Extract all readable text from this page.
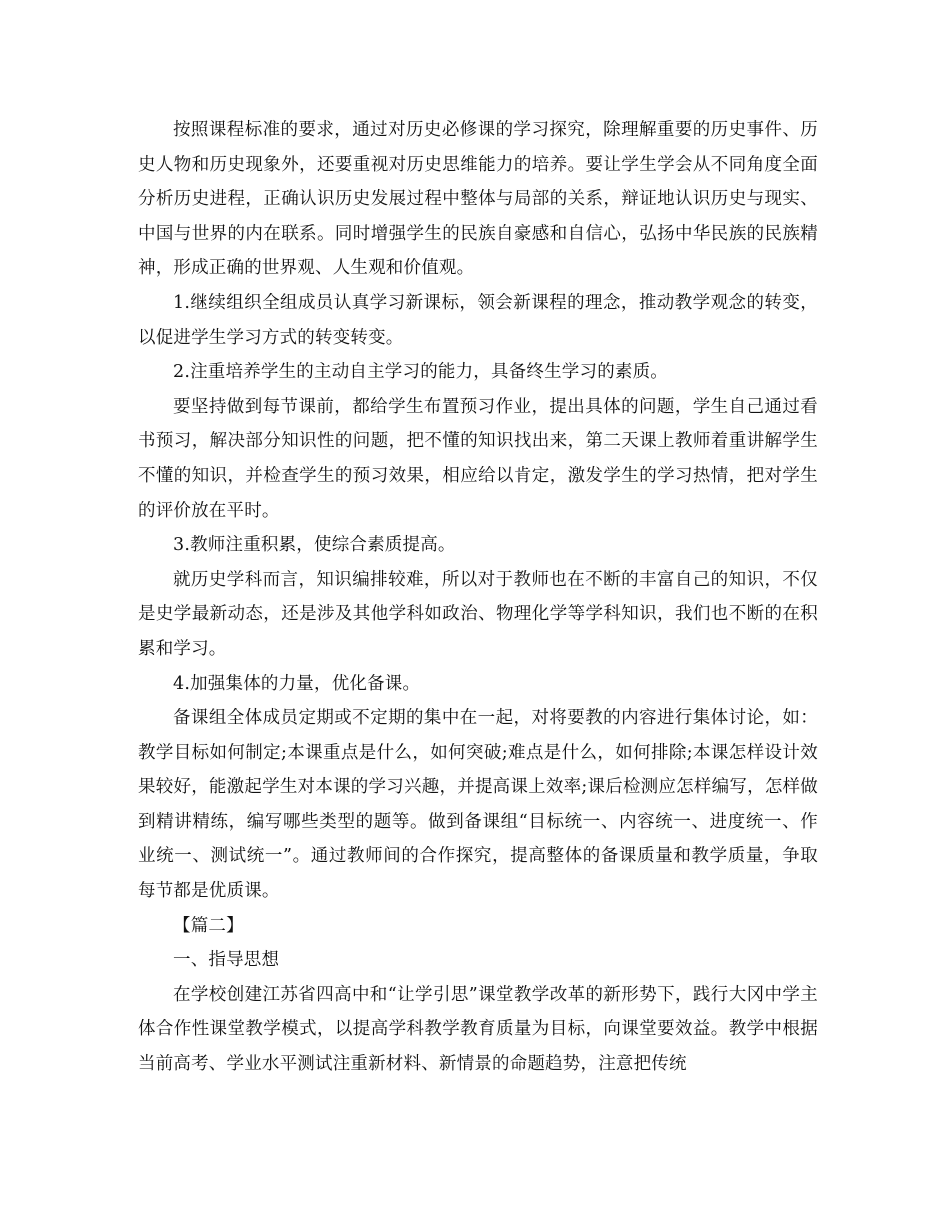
按照课程标准的要求，通过对历史必修课的学习探究，除理解重要的历史事件、历史人物和历史现象外，还要重视对历史思维能力的培养。要让学生学会从不同角度全面分析历史进程，正确认识历史发展过程中整体与局部的关系，辩证地认识历史与现实、中国与世界的内在联系。同时增强学生的民族自豪感和自信心，弘扬中华民族的民族精神，形成正确的世界观、人生观和价值观。

1.继续组织全组成员认真学习新课标，领会新课程的理念，推动教学观念的转变，以促进学生学习方式的转变转变。

2.注重培养学生的主动自主学习的能力，具备终生学习的素质。

要坚持做到每节课前，都给学生布置预习作业，提出具体的问题，学生自己通过看书预习，解决部分知识性的问题，把不懂的知识找出来，第二天课上教师着重讲解学生不懂的知识，并检查学生的预习效果，相应给以肯定，激发学生的学习热情，把对学生的评价放在平时。

3.教师注重积累，使综合素质提高。

就历史学科而言，知识编排较难，所以对于教师也在不断的丰富自己的知识，不仅是史学最新动态，还是涉及其他学科如政治、物理化学等学科知识，我们也不断的在积累和学习。

4.加强集体的力量，优化备课。

备课组全体成员定期或不定期的集中在一起，对将要教的内容进行集体讨论，如：教学目标如何制定;本课重点是什么，如何突破;难点是什么，如何排除;本课怎样设计效果较好，能激起学生对本课的学习兴趣，并提高课上效率;课后检测应怎样编写，怎样做到精讲精练，编写哪些类型的题等。做到备课组“目标统一、内容统一、进度统一、作业统一、测试统一”。通过教师间的合作探究，提高整体的备课质量和教学质量，争取每节都是优质课。

【篇二】

一、指导思想

在学校创建江苏省四高中和“让学引思”课堂教学改革的新形势下，践行大冈中学主体合作性课堂教学模式，以提高学科教学教育质量为目标，向课堂要效益。教学中根据当前高考、学业水平测试注重新材料、新情景的命题趋势，注意把传统
